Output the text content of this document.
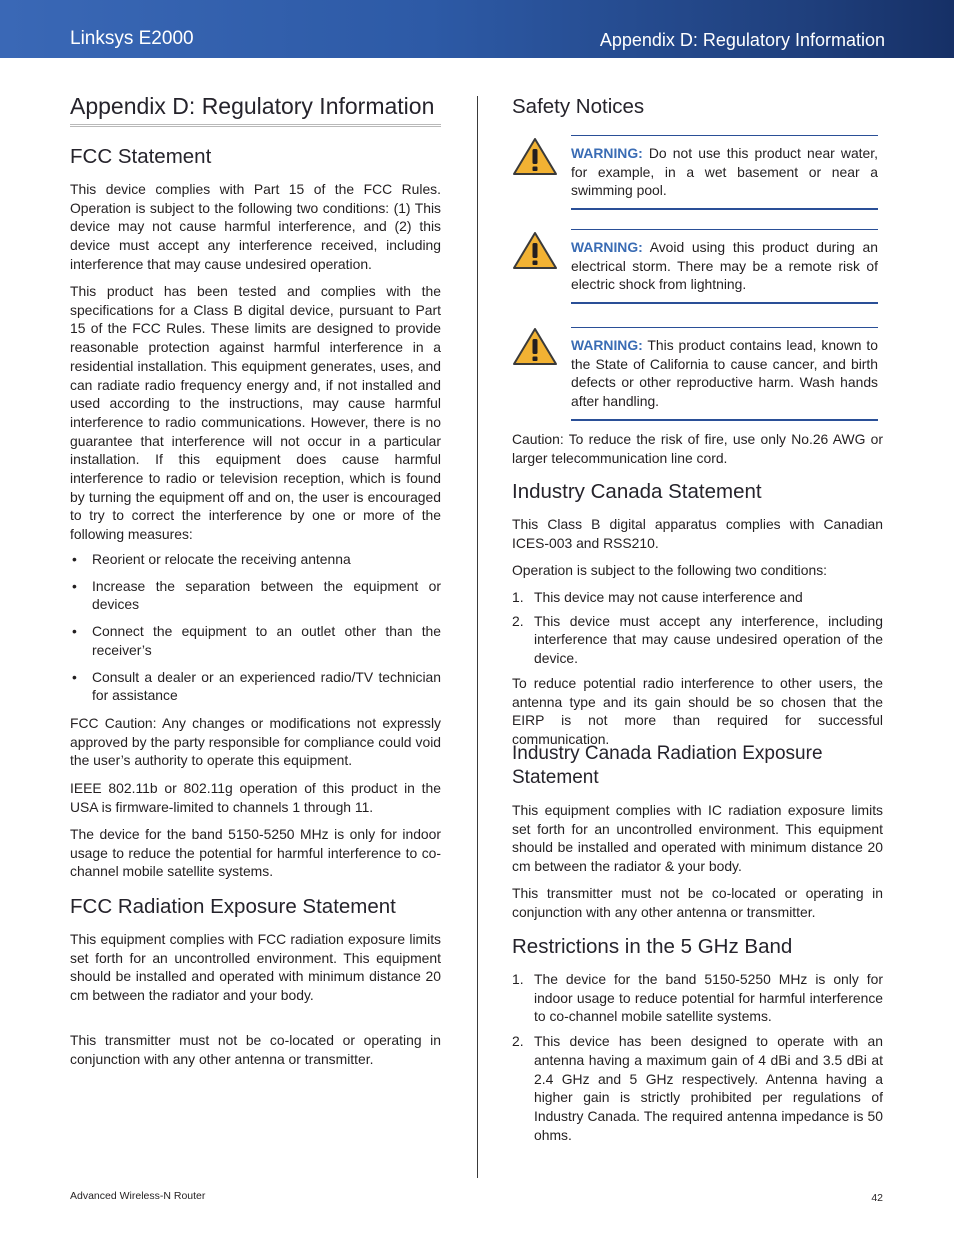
Linksys E2000	Appendix D: Regulatory Information
Appendix D: Regulatory Information
FCC Statement

This device complies with Part 15 of the FCC Rules. Operation is subject to the following two conditions: (1) This device may not cause harmful interference, and (2) this device must accept any interference received, including interference that may cause undesired operation.

This product has been tested and complies with the specifications for a Class B digital device, pursuant to Part 15 of the FCC Rules. These limits are designed to provide reasonable protection against harmful interference in a residential installation. This equipment generates, uses, and can radiate radio frequency energy and, if not installed and used according to the instructions, may cause harmful interference to radio communications. However, there is no guarantee that interference will not occur in a particular installation. If this equipment does cause harmful interference to radio or television reception, which is found by turning the equipment off and on, the user is encouraged to try to correct the interference by one or more of the following measures:

• Reorient or relocate the receiving antenna
• Increase the separation between the equipment or devices
• Connect the equipment to an outlet other than the receiver’s
• Consult a dealer or an experienced radio/TV technician for assistance

FCC Caution: Any changes or modifications not expressly approved by the party responsible for compliance could void the user’s authority to operate this equipment.

IEEE 802.11b or 802.11g operation of this product in the USA is firmware-limited to channels 1 through 11.

The device for the band 5150-5250 MHz is only for indoor usage to reduce the potential for harmful interference to co-channel mobile satellite systems.

FCC Radiation Exposure Statement

This equipment complies with FCC radiation exposure limits set forth for an uncontrolled environment. This equipment should be installed and operated with minimum distance 20 cm between the radiator and your body.

This transmitter must not be co-located or operating in conjunction with any other antenna or transmitter.

Safety Notices

WARNING: Do not use this product near water, for example, in a wet basement or near a swimming pool.

WARNING: Avoid using this product during an electrical storm. There may be a remote risk of electric shock from lightning.

WARNING: This product contains lead, known to the State of California to cause cancer, and birth defects or other reproductive harm. Wash hands after handling.

Caution: To reduce the risk of fire, use only No.26 AWG or larger telecommunication line cord.

Industry Canada Statement

This Class B digital apparatus complies with Canadian ICES-003 and RSS210.

Operation is subject to the following two conditions:

1. This device may not cause interference and
2. This device must accept any interference, including interference that may cause undesired operation of the device.

To reduce potential radio interference to other users, the antenna type and its gain should be so chosen that the EIRP is not more than required for successful communication.

Industry Canada Radiation Exposure Statement

This equipment complies with IC radiation exposure limits set forth for an uncontrolled environment. This equipment should be installed and operated with minimum distance 20 cm between the radiator & your body.

This transmitter must not be co-located or operating in conjunction with any other antenna or transmitter.

Restrictions in the 5 GHz Band
1. The device for the band 5150-5250 MHz is only for indoor usage to reduce potential for harmful interference to co-channel mobile satellite systems.
2. This device has been designed to operate with an antenna having a maximum gain of 4 dBi and 3.5 dBi at 2.4 GHz and 5 GHz respectively. Antenna having a higher gain is strictly prohibited per regulations of Industry Canada. The required antenna impedance is 50 ohms.
Advanced Wireless-N Router	42
